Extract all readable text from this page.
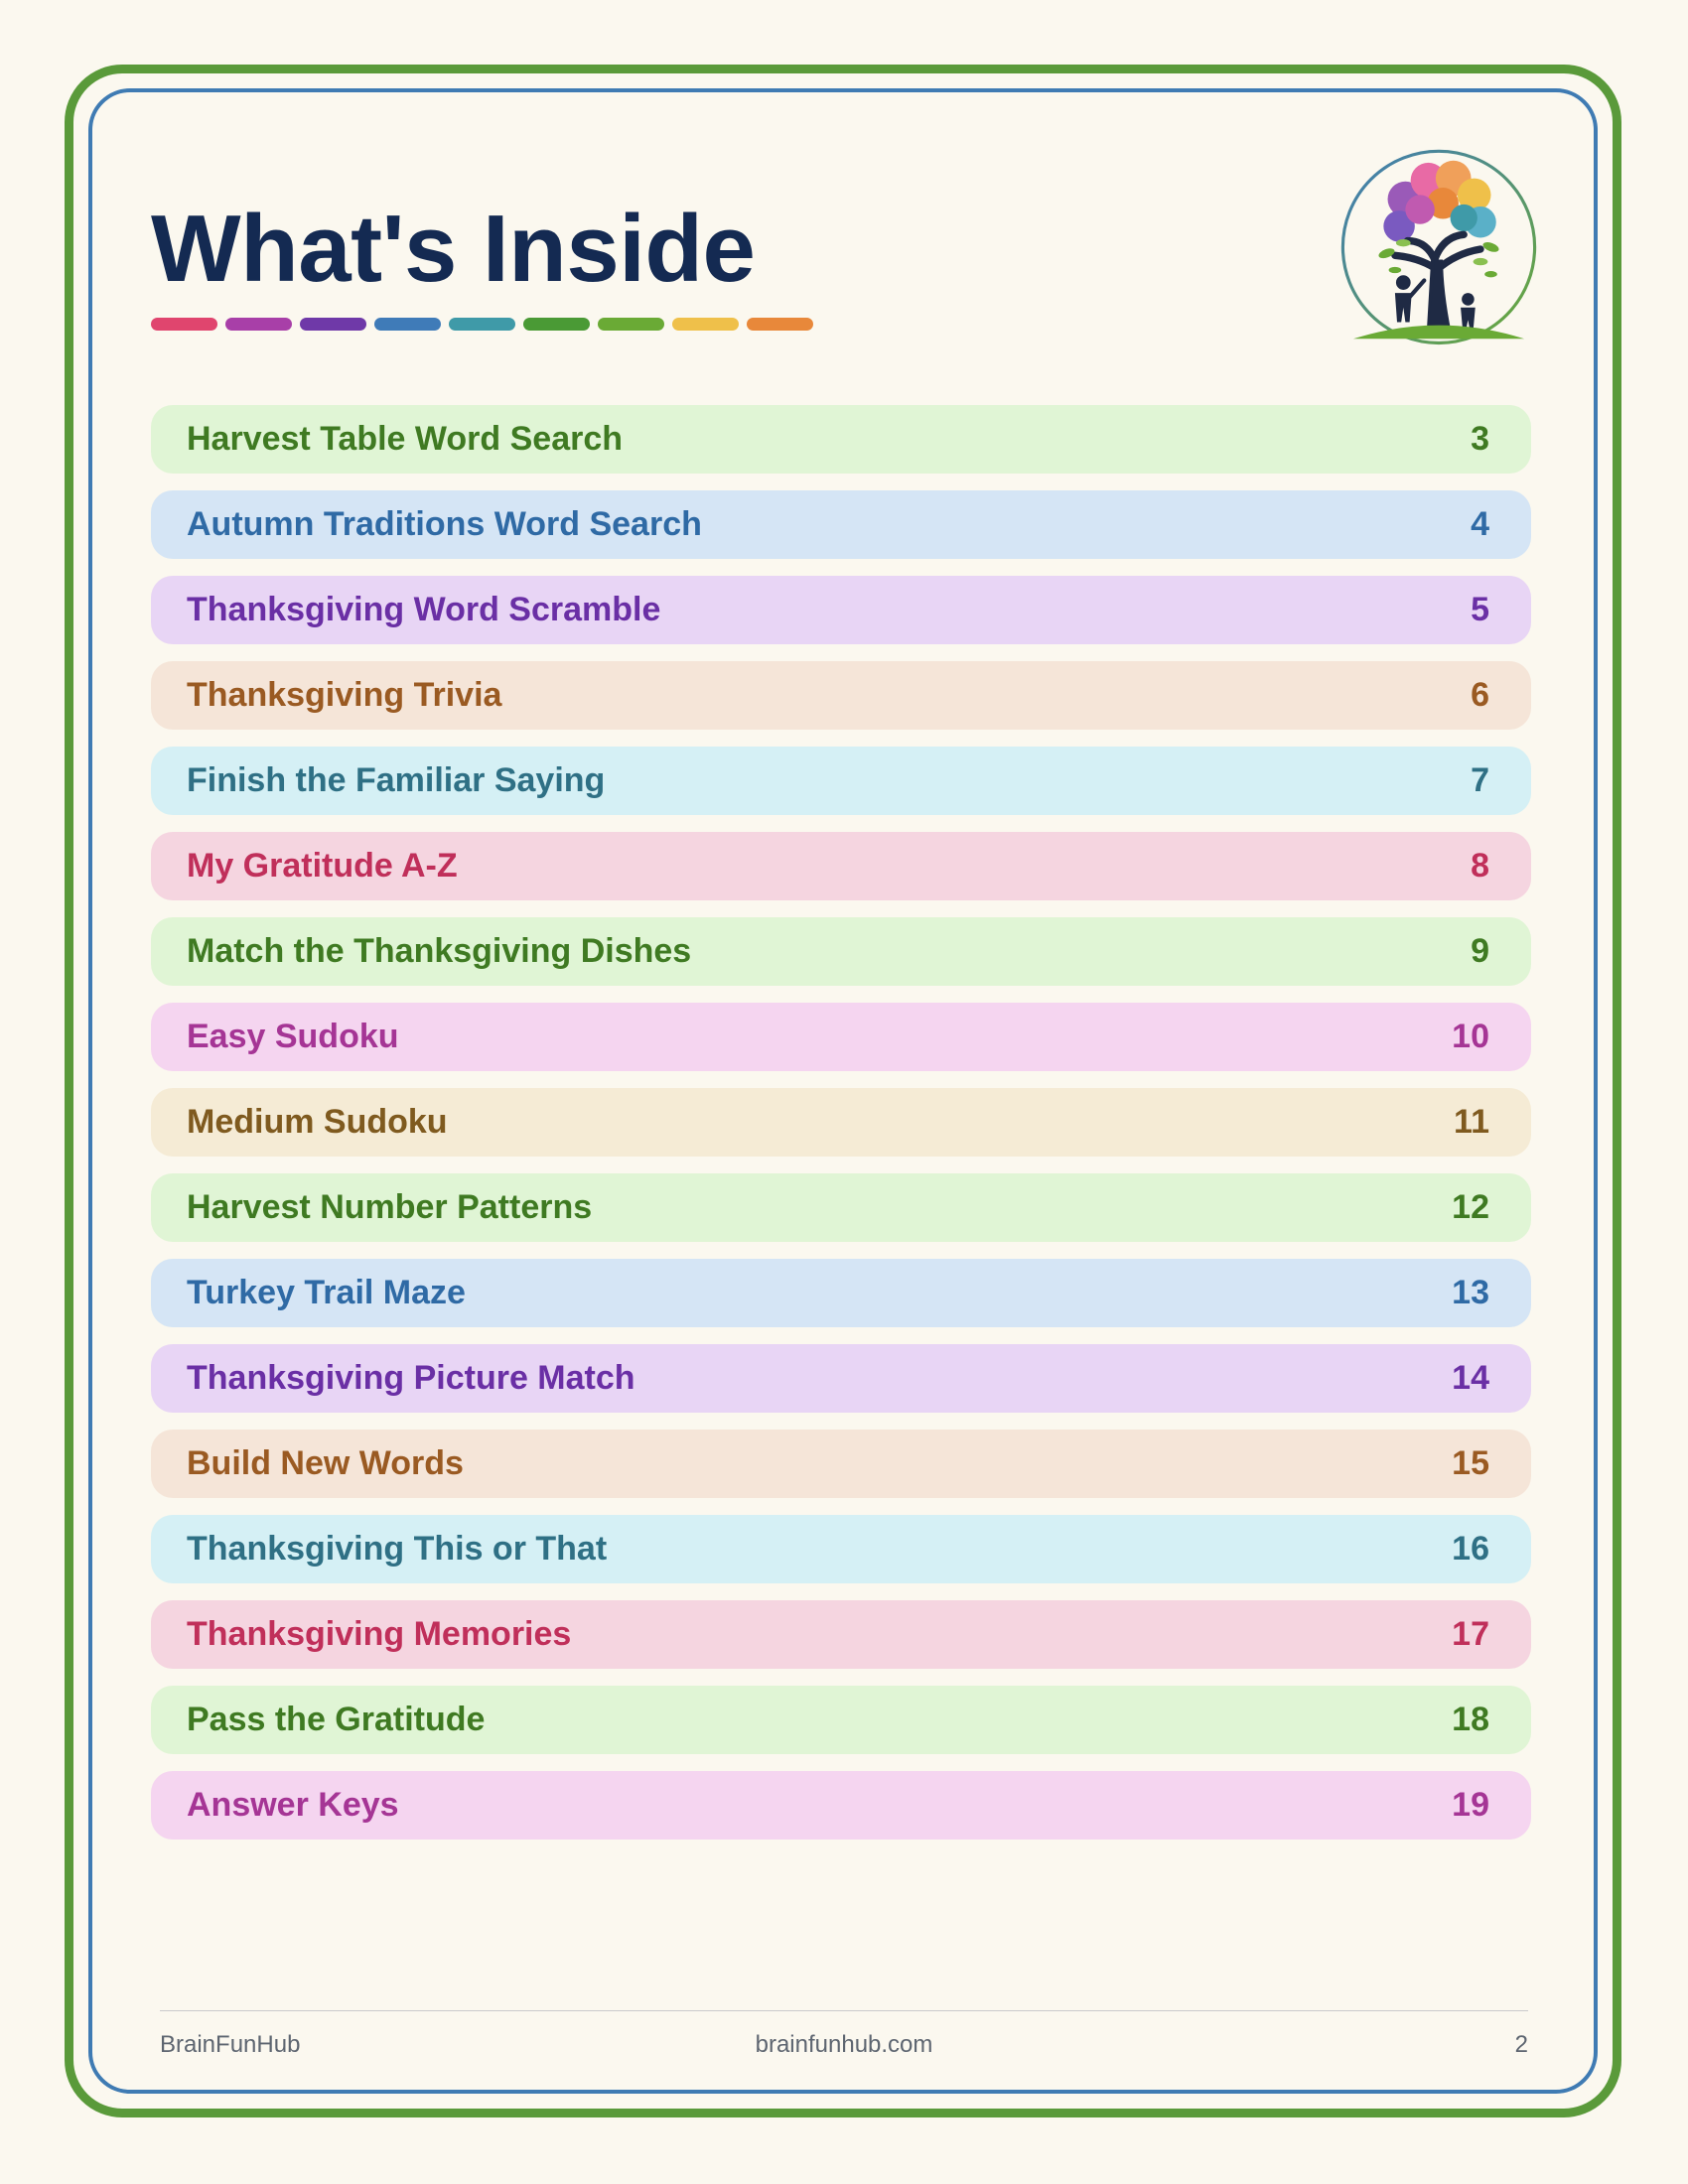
What's Inside
Harvest Table Word Search	3
Autumn Traditions Word Search	4
Thanksgiving Word Scramble	5
Thanksgiving Trivia	6
Finish the Familiar Saying	7
My Gratitude A-Z	8
Match the Thanksgiving Dishes	9
Easy Sudoku	10
Medium Sudoku	11
Harvest Number Patterns	12
Turkey Trail Maze	13
Thanksgiving Picture Match	14
Build New Words	15
Thanksgiving This or That	16
Thanksgiving Memories	17
Pass the Gratitude	18
Answer Keys	19
BrainFunHub	brainfunhub.com	2
